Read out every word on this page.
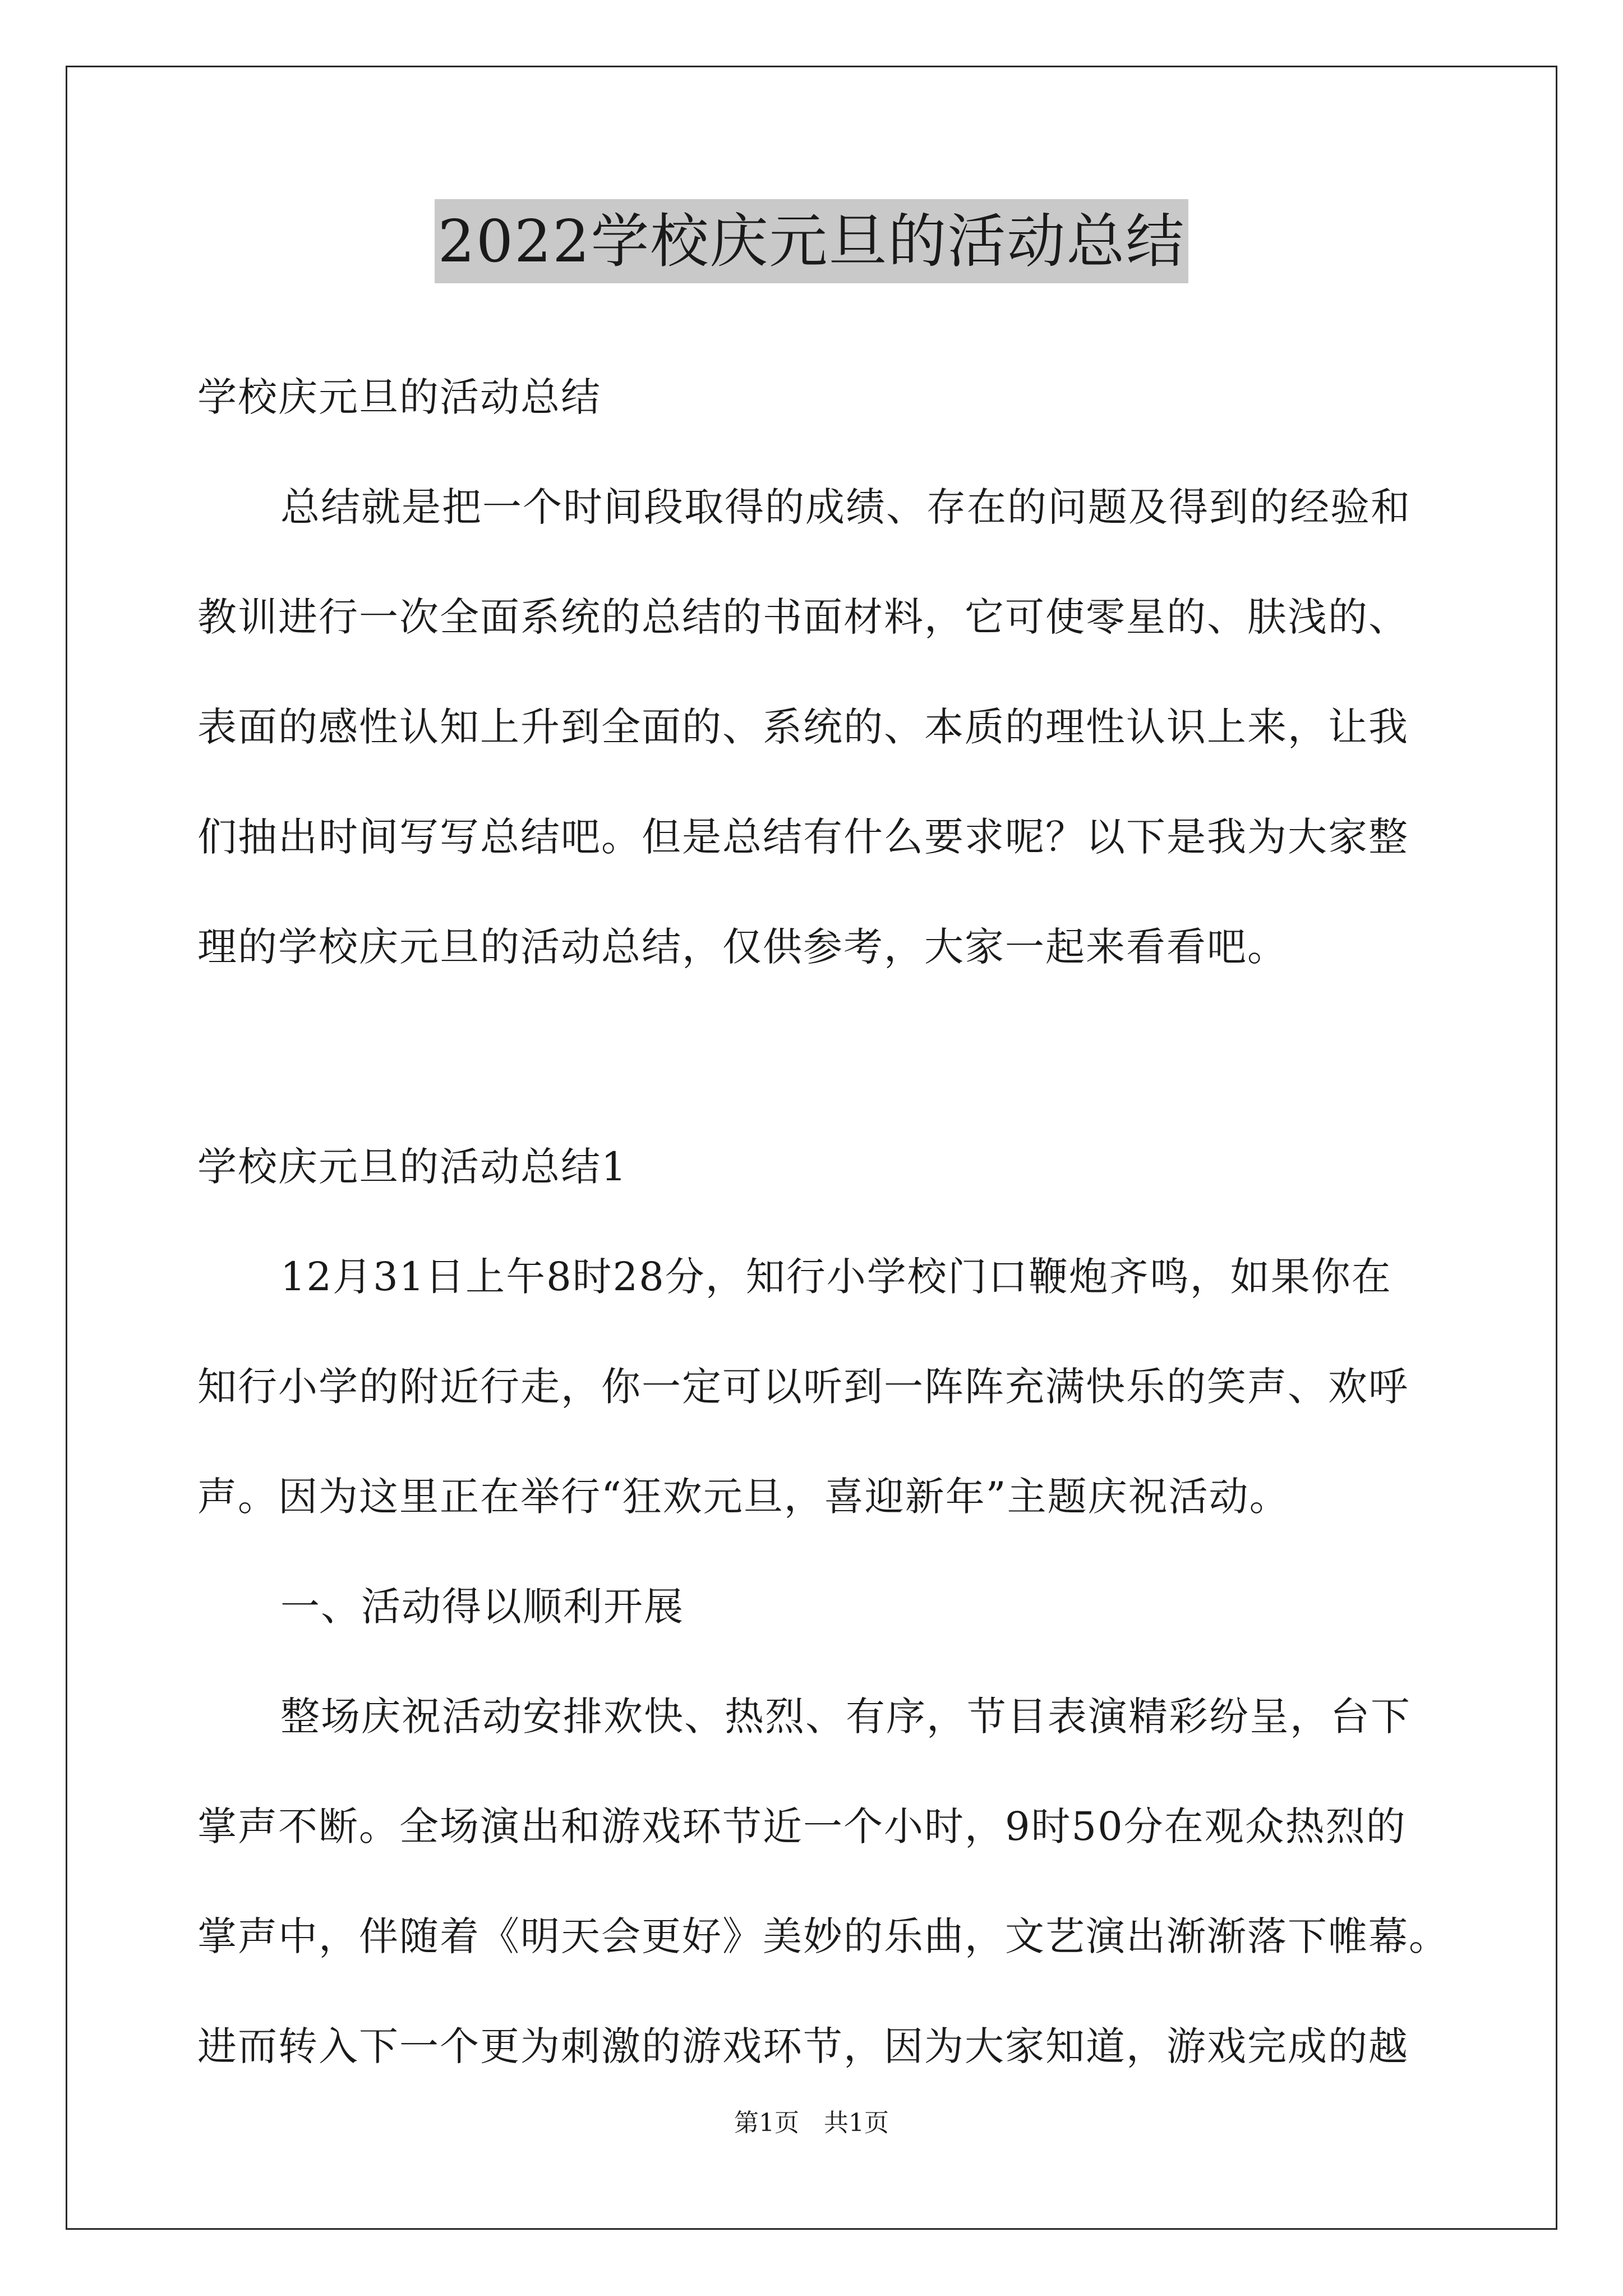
2022学校庆元旦的活动总结
学校庆元旦的活动总结
总结就是把一个时间段取得的成绩、存在的问题及得到的经验和
教训进行一次全面系统的总结的书面材料，它可使零星的、肤浅的、
表面的感性认知上升到全面的、系统的、本质的理性认识上来，让我
们抽出时间写写总结吧。但是总结有什么要求呢？以下是我为大家整
理的学校庆元旦的活动总结，仅供参考，大家一起来看看吧。
学校庆元旦的活动总结1
12月31日上午8时28分，知行小学校门口鞭炮齐鸣，如果你在
知行小学的附近行走，你一定可以听到一阵阵充满快乐的笑声、欢呼
声。因为这里正在举行“狂欢元旦，喜迎新年”主题庆祝活动。
一、活动得以顺利开展
整场庆祝活动安排欢快、热烈、有序，节目表演精彩纷呈，台下
掌声不断。全场演出和游戏环节近一个小时，9时50分在观众热烈的
掌声中，伴随着《明天会更好》美妙的乐曲，文艺演出渐渐落下帷幕。
进而转入下一个更为刺激的游戏环节，因为大家知道，游戏完成的越
第1页　共1页
